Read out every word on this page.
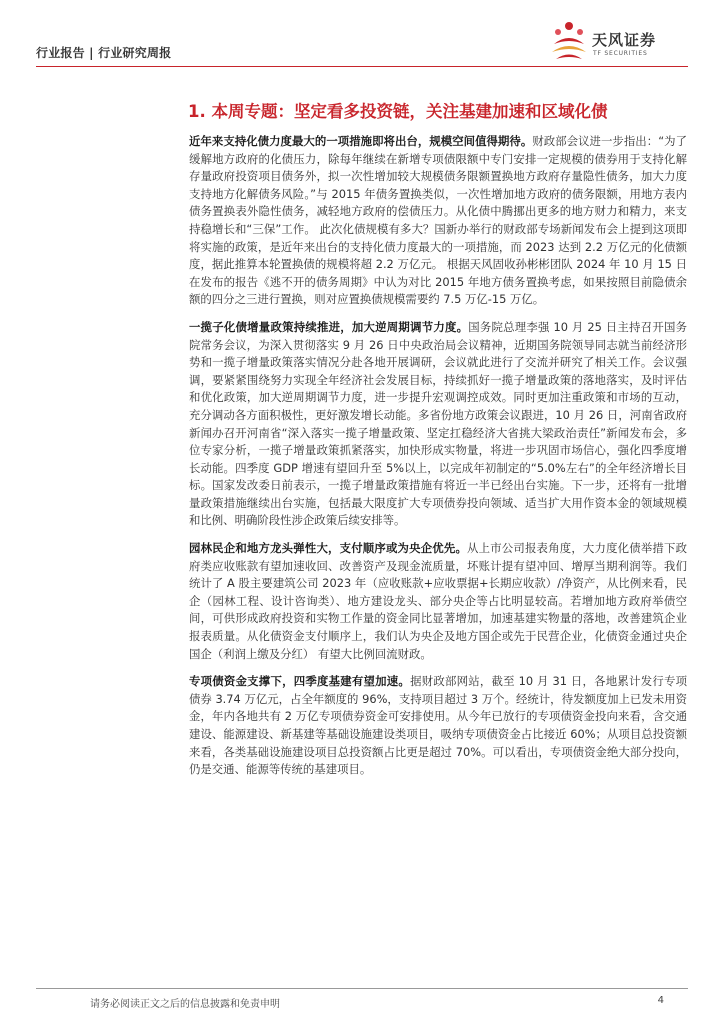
行业报告 | 行业研究周报
天风证券
TF SECURITIES
1. 本周专题：坚定看多投资链，关注基建加速和区域化债

近年来支持化债力度最大的一项措施即将出台，规模空间值得期待。财政部会议进一步指出：“为了缓解地方政府的化债压力，除每年继续在新增专项债限额中专门安排一定规模的债券用于支持化解存量政府投资项目债务外，拟一次性增加较大规模债务限额置换地方政府存量隐性债务，加大力度支持地方化解债务风险。”与 2015 年债务置换类似，一次性增加地方政府的债务限额，用地方表内债务置换表外隐性债务，减轻地方政府的偿债压力。从化债中腾挪出更多的地方财力和精力，来支持稳增长和“三保”工作。 此次化债规模有多大？国新办举行的财政部专场新闻发布会上提到这项即将实施的政策，是近年来出台的支持化债力度最大的一项措施，而 2023 达到 2.2 万亿元的化债额度，据此推算本轮置换债的规模将超 2.2 万亿元。 根据天风固收孙彬彬团队 2024 年 10 月 15 日在发布的报告《逃不开的债务周期》中认为对比 2015 年地方债务置换考虑，如果按照目前隐债余额的四分之三进行置换，则对应置换债规模需要约 7.5 万亿-15 万亿。

一揽子化债增量政策持续推进，加大逆周期调节力度。国务院总理李强 10 月 25 日主持召开国务院常务会议，为深入贯彻落实 9 月 26 日中央政治局会议精神，近期国务院领导同志就当前经济形势和一揽子增量政策落实情况分赴各地开展调研，会议就此进行了交流并研究了相关工作。会议强调，要紧紧围绕努力实现全年经济社会发展目标，持续抓好一揽子增量政策的落地落实，及时评估和优化政策，加大逆周期调节力度，进一步提升宏观调控成效。同时更加注重政策和市场的互动，充分调动各方面积极性，更好激发增长动能。多省份地方政策会议跟进，10 月 26 日，河南省政府新闻办召开河南省“深入落实一揽子增量政策、坚定扛稳经济大省挑大梁政治责任”新闻发布会，多位专家分析，一揽子增量政策抓紧落实，加快形成实物量，将进一步巩固市场信心，强化四季度增长动能。四季度 GDP 增速有望回升至 5%以上，以完成年初制定的“5.0%左右”的全年经济增长目标。国家发改委日前表示，一揽子增量政策措施有将近一半已经出台实施。下一步，还将有一批增量政策措施继续出台实施，包括最大限度扩大专项债券投向领域、适当扩大用作资本金的领域规模和比例、明确阶段性涉企政策后续安排等。

园林民企和地方龙头弹性大，支付顺序或为央企优先。从上市公司报表角度，大力度化债举措下政府类应收账款有望加速收回、改善资产及现金流质量，坏账计提有望冲回、增厚当期利润等。我们统计了 A 股主要建筑公司 2023 年（应收账款+应收票据+长期应收款）/净资产，从比例来看，民企（园林工程、设计咨询类）、地方建设龙头、部分央企等占比明显较高。若增加地方政府举债空间，可供形成政府投资和实物工作量的资金同比显著增加，加速基建实物量的落地，改善建筑企业报表质量。从化债资金支付顺序上，我们认为央企及地方国企或先于民营企业，化债资金通过央企国企（利润上缴及分红） 有望大比例回流财政。

专项债资金支撑下，四季度基建有望加速。据财政部网站，截至 10 月 31 日，各地累计发行专项债券 3.74 万亿元，占全年额度的 96%，支持项目超过 3 万个。经统计，待发额度加上已发未用资金，年内各地共有 2 万亿专项债券资金可安排使用。从今年已放行的专项债资金投向来看，含交通建设、能源建设、新基建等基础设施建设类项目，吸纳专项债资金占比接近 60%；从项目总投资额来看，各类基础设施建设项目总投资额占比更是超过 70%。可以看出，专项债资金绝大部分投向，仍是交通、能源等传统的基建项目。

请务必阅读正文之后的信息披露和免责申明	4
